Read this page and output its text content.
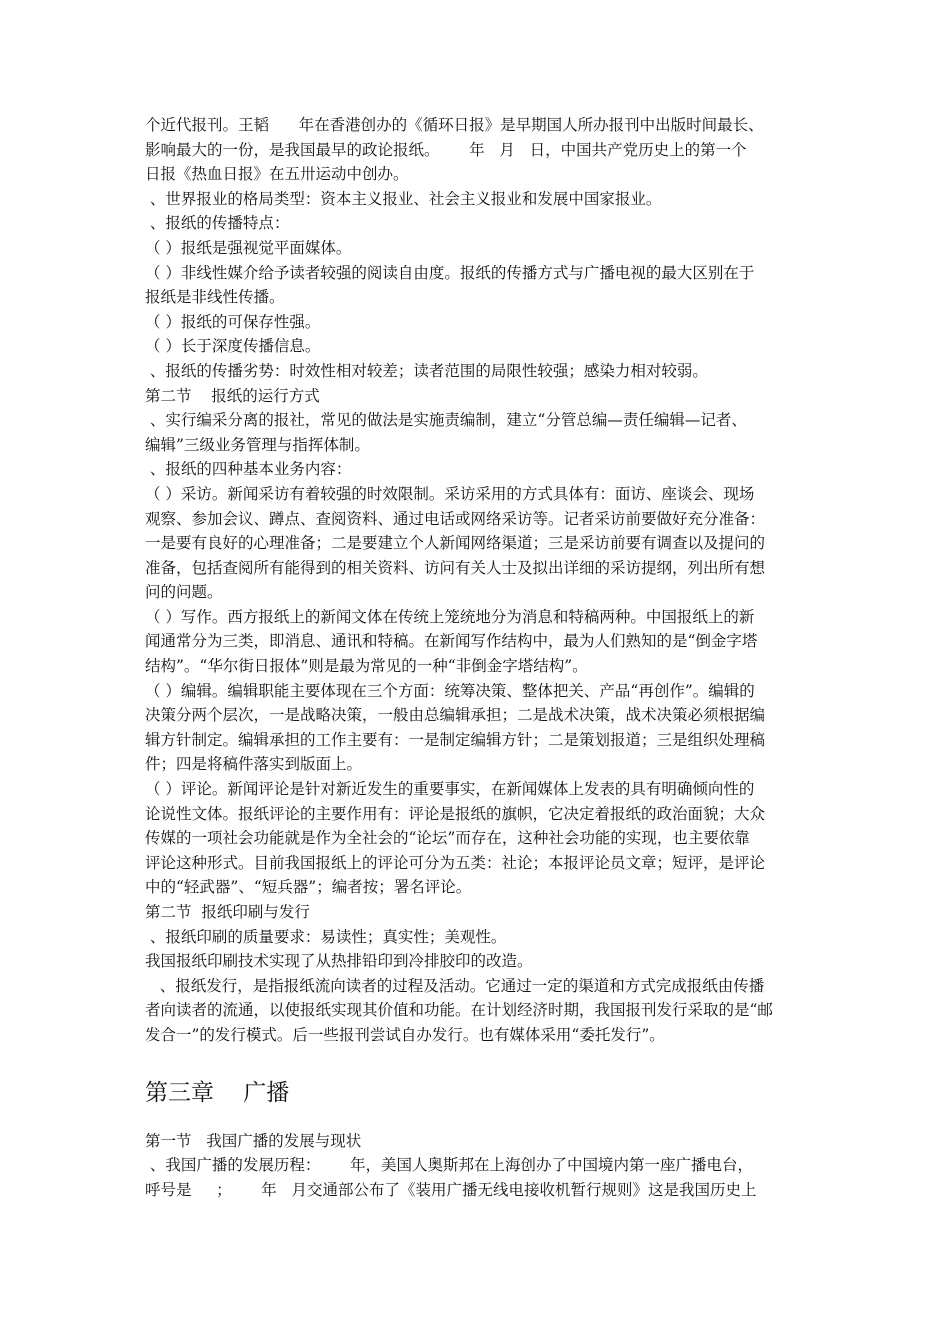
个近代报刊。王韬      年在香港创办的《循环日报》是早期国人所办报刊中出版时间最长、
影响最大的一份，是我国最早的政论报纸。      年   月   日，中国共产党历史上的第一个
日报《热血日报》在五卅运动中创办。
、世界报业的格局类型：资本主义报业、社会主义报业和发展中国家报业。
、报纸的传播特点：
（ ）报纸是强视觉平面媒体。
（ ）非线性媒介给予读者较强的阅读自由度。报纸的传播方式与广播电视的最大区别在于
报纸是非线性传播。
（ ）报纸的可保存性强。
（ ）长于深度传播信息。
、报纸的传播劣势：时效性相对较差；读者范围的局限性较强；感染力相对较弱。
第二节    报纸的运行方式
、实行编采分离的报社，常见的做法是实施责编制，建立“分管总编—责任编辑—记者、
编辑”三级业务管理与指挥体制。
、报纸的四种基本业务内容：
（ ）采访。新闻采访有着较强的时效限制。采访采用的方式具体有：面访、座谈会、现场
观察、参加会议、蹲点、查阅资料、通过电话或网络采访等。记者采访前要做好充分准备：
一是要有良好的心理准备；二是要建立个人新闻网络渠道；三是采访前要有调查以及提问的
准备，包括查阅所有能得到的相关资料、访问有关人士及拟出详细的采访提纲，列出所有想
问的问题。
（ ）写作。西方报纸上的新闻文体在传统上笼统地分为消息和特稿两种。中国报纸上的新
闻通常分为三类，即消息、通讯和特稿。在新闻写作结构中，最为人们熟知的是“倒金字塔
结构”。“华尔街日报体”则是最为常见的一种“非倒金字塔结构”。
（ ）编辑。编辑职能主要体现在三个方面：统筹决策、整体把关、产品“再创作”。编辑的
决策分两个层次，一是战略决策，一般由总编辑承担；二是战术决策，战术决策必须根据编
辑方针制定。编辑承担的工作主要有：一是制定编辑方针；二是策划报道；三是组织处理稿
件；四是将稿件落实到版面上。
（ ）评论。新闻评论是针对新近发生的重要事实，在新闻媒体上发表的具有明确倾向性的
论说性文体。报纸评论的主要作用有：评论是报纸的旗帜，它决定着报纸的政治面貌；大众
传媒的一项社会功能就是作为全社会的“论坛”而存在，这种社会功能的实现，也主要依靠
评论这种形式。目前我国报纸上的评论可分为五类：社论；本报评论员文章；短评，是评论
中的“轻武器”、“短兵器”；编者按；署名评论。
第二节  报纸印刷与发行
、报纸印刷的质量要求：易读性；真实性；美观性。
我国报纸印刷技术实现了从热排铅印到冷排胶印的改造。
、报纸发行，是指报纸流向读者的过程及活动。它通过一定的渠道和方式完成报纸由传播
者向读者的流通，以使报纸实现其价值和功能。在计划经济时期，我国报刊发行采取的是“邮
发合一”的发行模式。后一些报刊尝试自办发行。也有媒体采用“委托发行”。
第三章    广播
第一节   我国广播的发展与现状
、我国广播的发展历程：      年，美国人奥斯邦在上海创办了中国境内第一座广播电台，
呼号是     ；      年   月交通部公布了《装用广播无线电接收机暂行规则》这是我国历史上
